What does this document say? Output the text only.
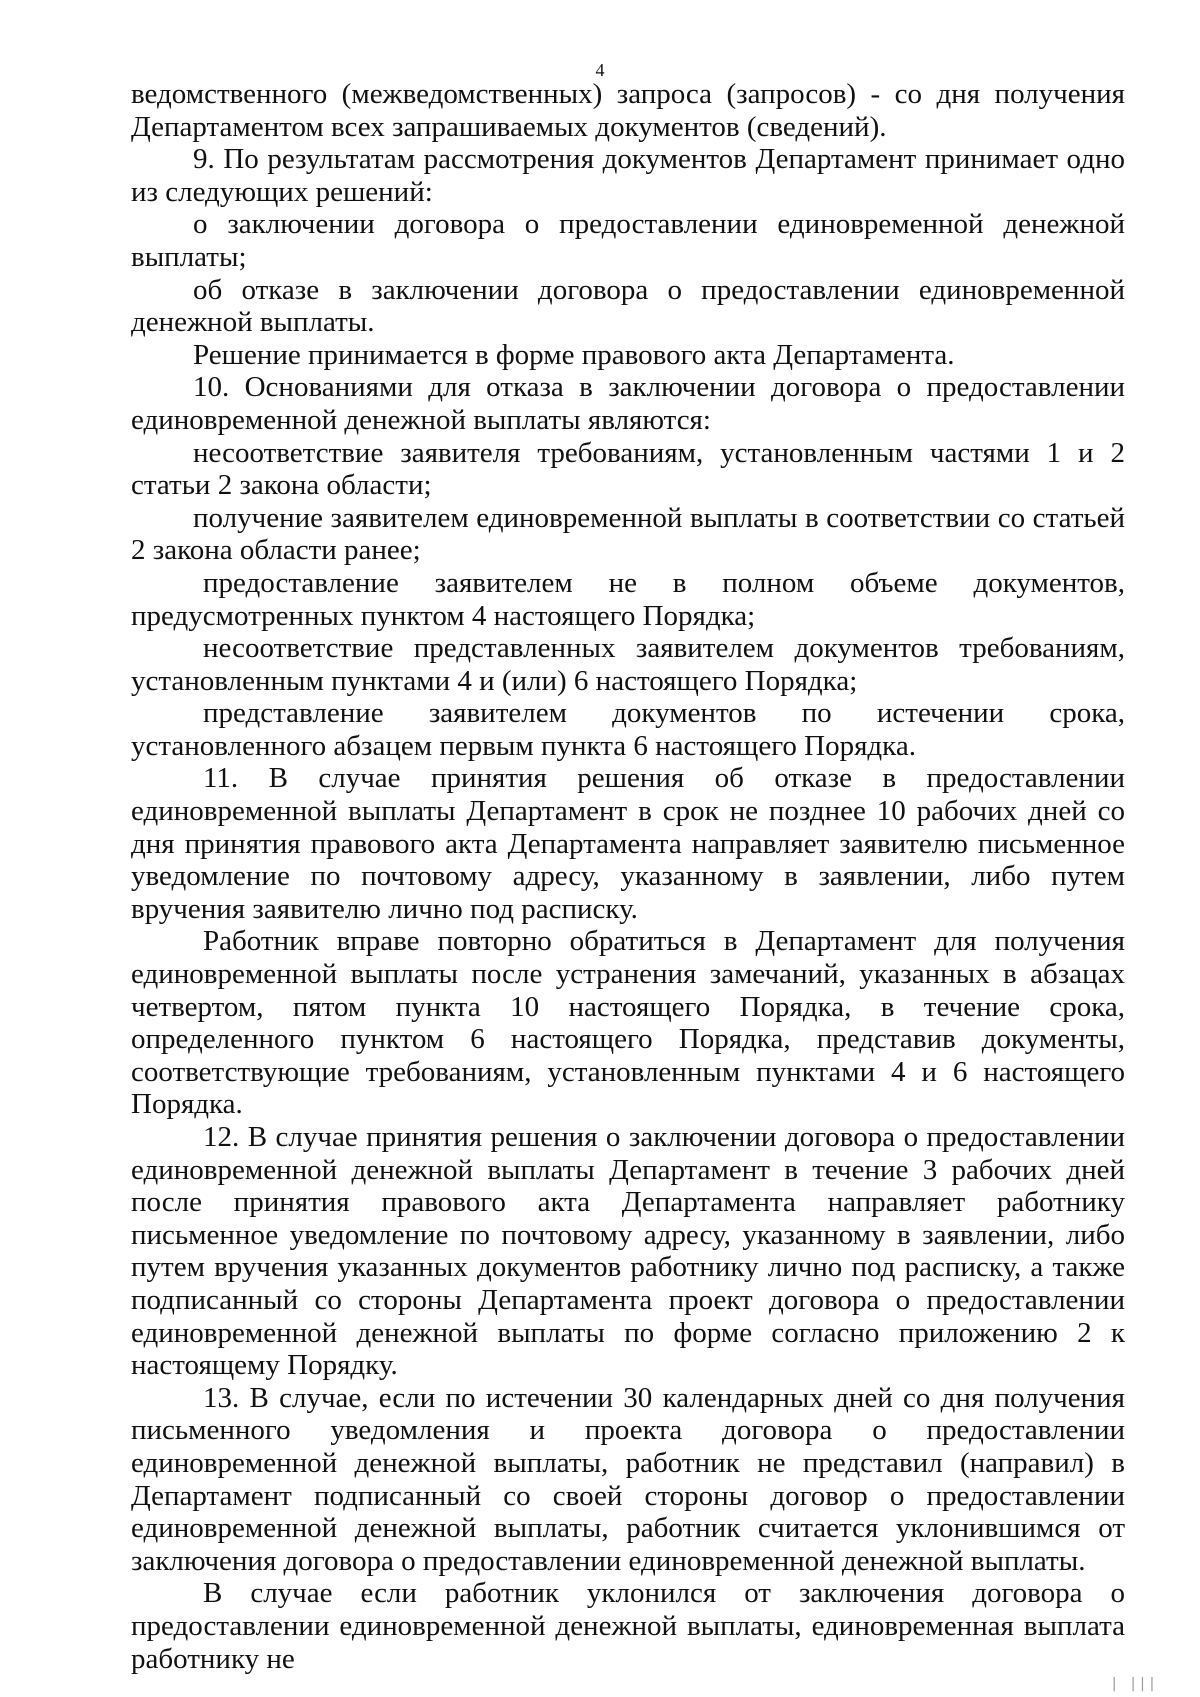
4

ведомственного (межведомственных) запроса (запросов) - со дня получения Департаментом всех запрашиваемых документов (сведений).

9. По результатам рассмотрения документов Департамент принимает одно из следующих решений:

о заключении договора о предоставлении единовременной денежной выплаты;

об отказе в заключении договора о предоставлении единовременной денежной выплаты.

Решение принимается в форме правового акта Департамента.

10. Основаниями для отказа в заключении договора о предоставлении единовременной денежной выплаты являются:

несоответствие заявителя требованиям, установленным частями 1 и 2 статьи 2 закона области;

получение заявителем единовременной выплаты в соответствии со статьей 2 закона области ранее;

предоставление заявителем не в полном объеме документов, предусмотренных пунктом 4 настоящего Порядка;

несоответствие представленных заявителем документов требованиям, установленным пунктами 4 и (или) 6 настоящего Порядка;

представление заявителем документов по истечении срока, установленного абзацем первым пункта 6 настоящего Порядка.

11. В случае принятия решения об отказе в предоставлении единовременной выплаты Департамент в срок не позднее 10 рабочих дней со дня принятия правового акта Департамента направляет заявителю письменное уведомление по почтовому адресу, указанному в заявлении, либо путем вручения заявителю лично под расписку.

Работник вправе повторно обратиться в Департамент для получения единовременной выплаты после устранения замечаний, указанных в абзацах четвертом, пятом пункта 10 настоящего Порядка, в течение срока, определенного пунктом 6 настоящего Порядка, представив документы, соответствующие требованиям, установленным пунктами 4 и 6 настоящего Порядка.

12. В случае принятия решения о заключении договора о предоставлении единовременной денежной выплаты Департамент в течение 3 рабочих дней после принятия правового акта Департамента направляет работнику письменное уведомление по почтовому адресу, указанному в заявлении, либо путем вручения указанных документов работнику лично под расписку, а также подписанный со стороны Департамента проект договора о предоставлении единовременной денежной выплаты по форме согласно приложению 2 к настоящему Порядку.

13. В случае, если по истечении 30 календарных дней со дня получения письменного уведомления и проекта договора о предоставлении единовременной денежной выплаты, работник не представил (направил) в Департамент подписанный со своей стороны договор о предоставлении единовременной денежной выплаты, работник считается уклонившимся от заключения договора о предоставлении единовременной денежной выплаты.

В случае если работник уклонился от заключения договора о предоставлении единовременной денежной выплаты, единовременная выплата работнику не

| |||
